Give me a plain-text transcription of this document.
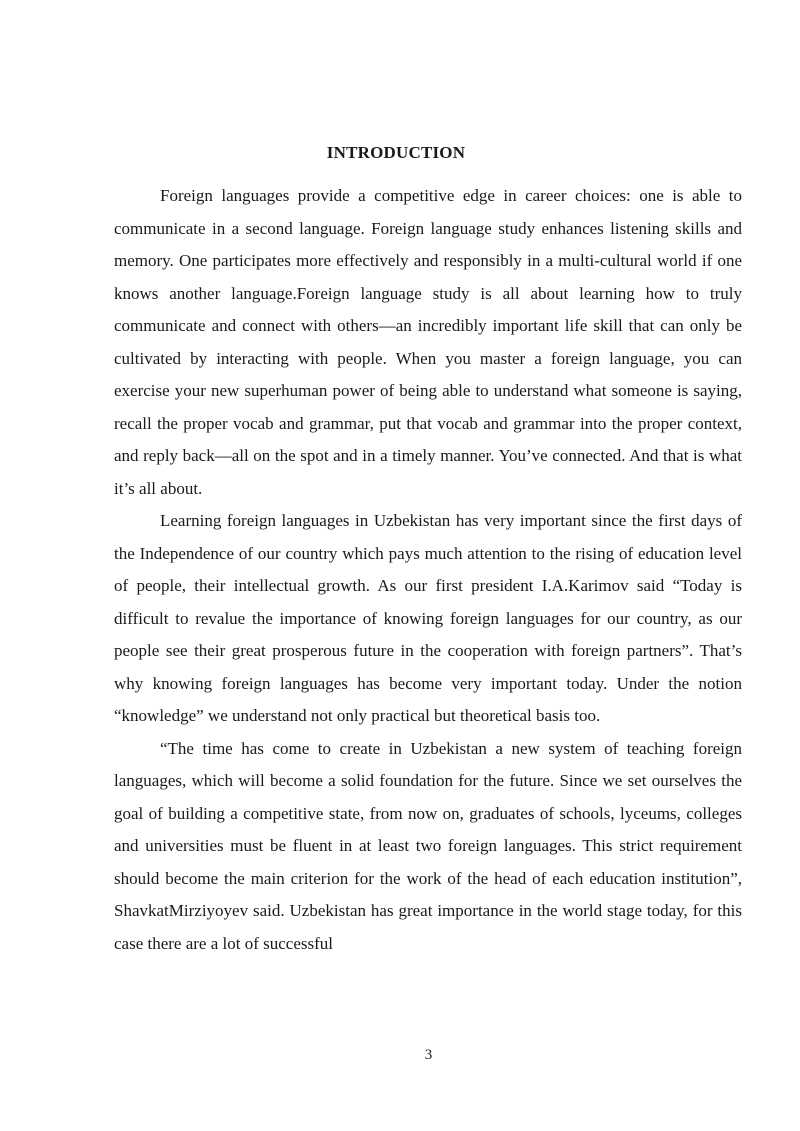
INTRODUCTION

Foreign languages provide a competitive edge in career choices: one is able to communicate in a second language. Foreign language study enhances listening skills and memory. One participates more effectively and responsibly in a multi-cultural world if one knows another language.Foreign language study is all about learning how to truly communicate and connect with others—an incredibly important life skill that can only be cultivated by interacting with people. When you master a foreign language, you can exercise your new superhuman power of being able to understand what someone is saying, recall the proper vocab and grammar, put that vocab and grammar into the proper context, and reply back—all on the spot and in a timely manner. You’ve connected. And that is what it’s all about.

Learning foreign languages in Uzbekistan has very important since the first days of the Independence of our country which pays much attention to the rising of education level of people, their intellectual growth. As our first president I.A.Karimov said “Today is difficult to revalue the importance of knowing foreign languages for our country, as our people see their great prosperous future in the cooperation with foreign partners”. That’s why knowing foreign languages has become very important today. Under the notion “knowledge” we understand not only practical but theoretical basis too.

“The time has come to create in Uzbekistan a new system of teaching foreign languages, which will become a solid foundation for the future. Since we set ourselves the goal of building a competitive state, from now on, graduates of schools, lyceums, colleges and universities must be fluent in at least two foreign languages. This strict requirement should become the main criterion for the work of the head of each education institution”, ShavkatMirziyoyev said. Uzbekistan has great importance in the world stage today, for this case there are a lot of successful

3
